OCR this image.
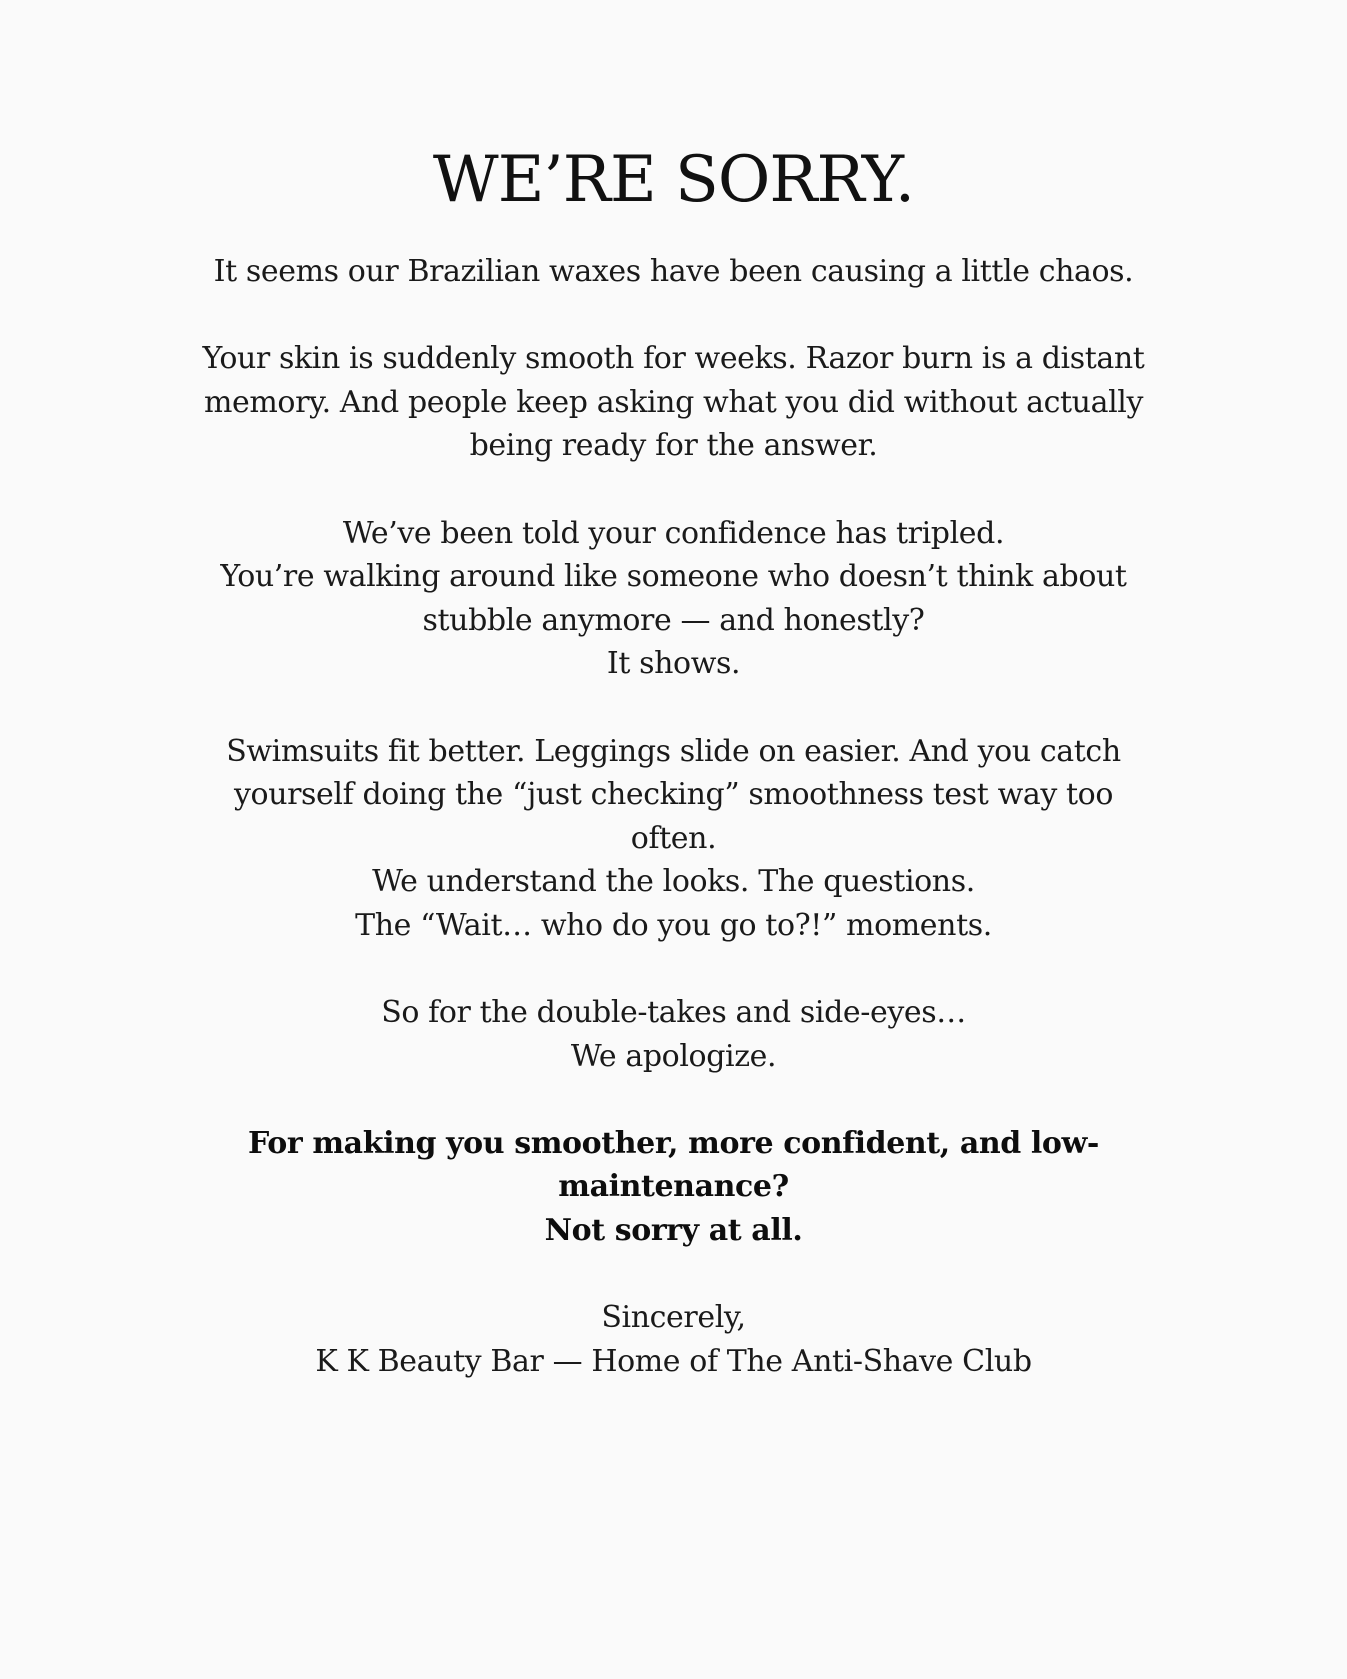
WE’RE SORRY.

It seems our Brazilian waxes have been causing a little chaos.

Your skin is suddenly smooth for weeks. Razor burn is a distant
memory. And people keep asking what you did without actually
being ready for the answer.

We’ve been told your confidence has tripled.
You’re walking around like someone who doesn’t think about
stubble anymore — and honestly?
It shows.

Swimsuits fit better. Leggings slide on easier. And you catch
yourself doing the “just checking” smoothness test way too
often.
We understand the looks. The questions.
The “Wait… who do you go to?!” moments.

So for the double-takes and side-eyes…
We apologize.

For making you smoother, more confident, and low-
maintenance?
Not sorry at all.

Sincerely,
K K Beauty Bar — Home of The Anti-Shave Club
